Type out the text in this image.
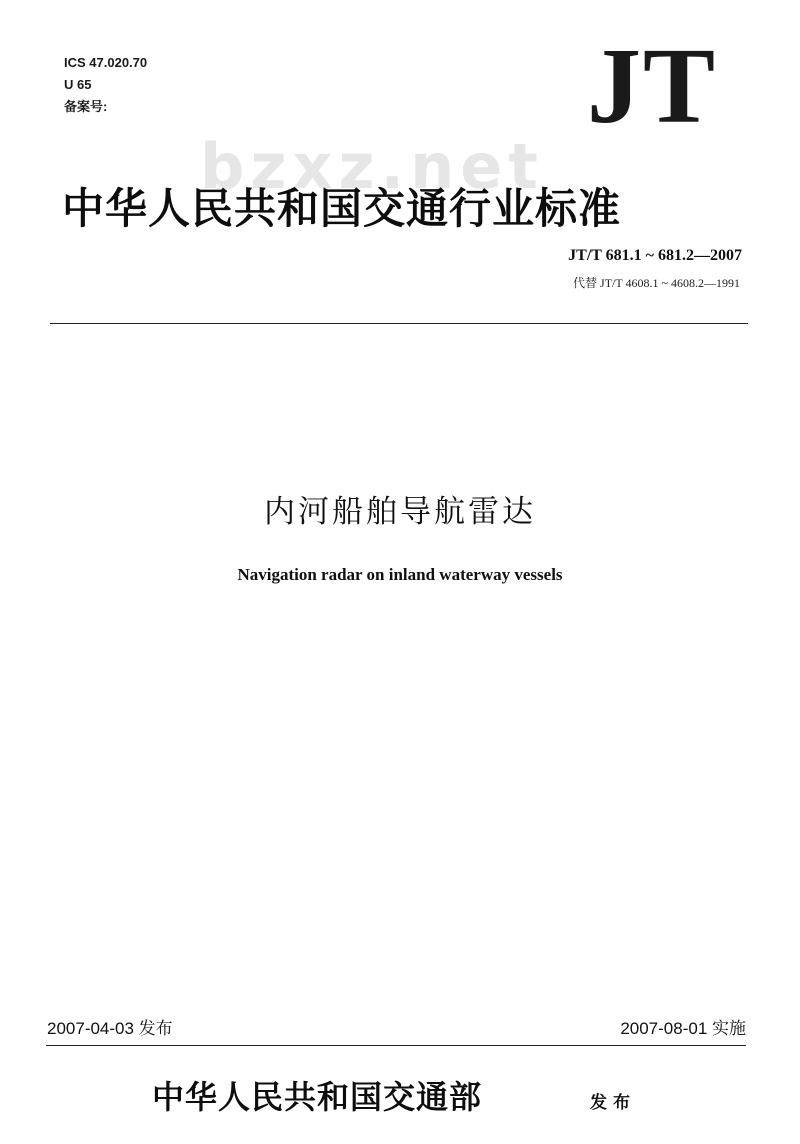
ICS 47.020.70
U 65
备案号:	JT
bzxz.net
中华人民共和国交通行业标准
JT/T 681.1 ~ 681.2—2007
代替 JT/T 4608.1 ~ 4608.2—1991
内河船舶导航雷达
Navigation radar on inland waterway vessels
2007-04-03 发布	2007-08-01 实施
中华人民共和国交通部	发布
